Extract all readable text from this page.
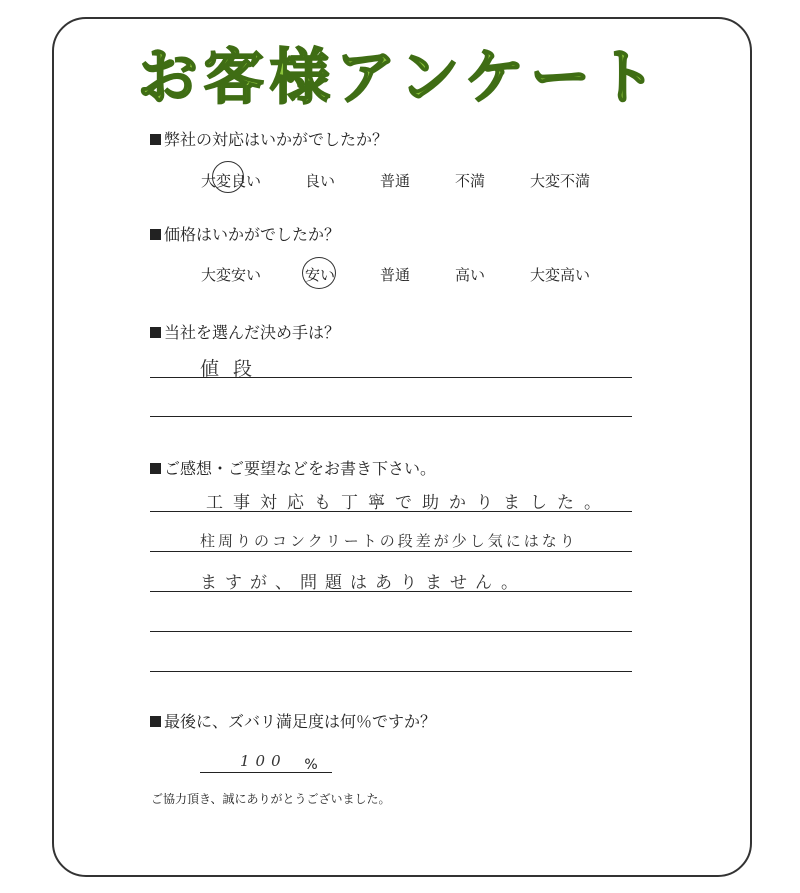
お客様アンケート
弊社の対応はいかがでしたか？
大変良い	良い	普通	不満	大変不満
価格はいかがでしたか？
大変安い	安い	普通	高い	大変高い
当社を選んだ決め手は？
値段
ご感想・ご要望などをお書き下さい。
工事対応も丁寧で助かりました。
柱周りのコンクリートの段差が少し気にはなり
ますが、問題はありません。
最後に、ズバリ満足度は何％ですか？
100 %
ご協力頂き、誠にありがとうございました。
